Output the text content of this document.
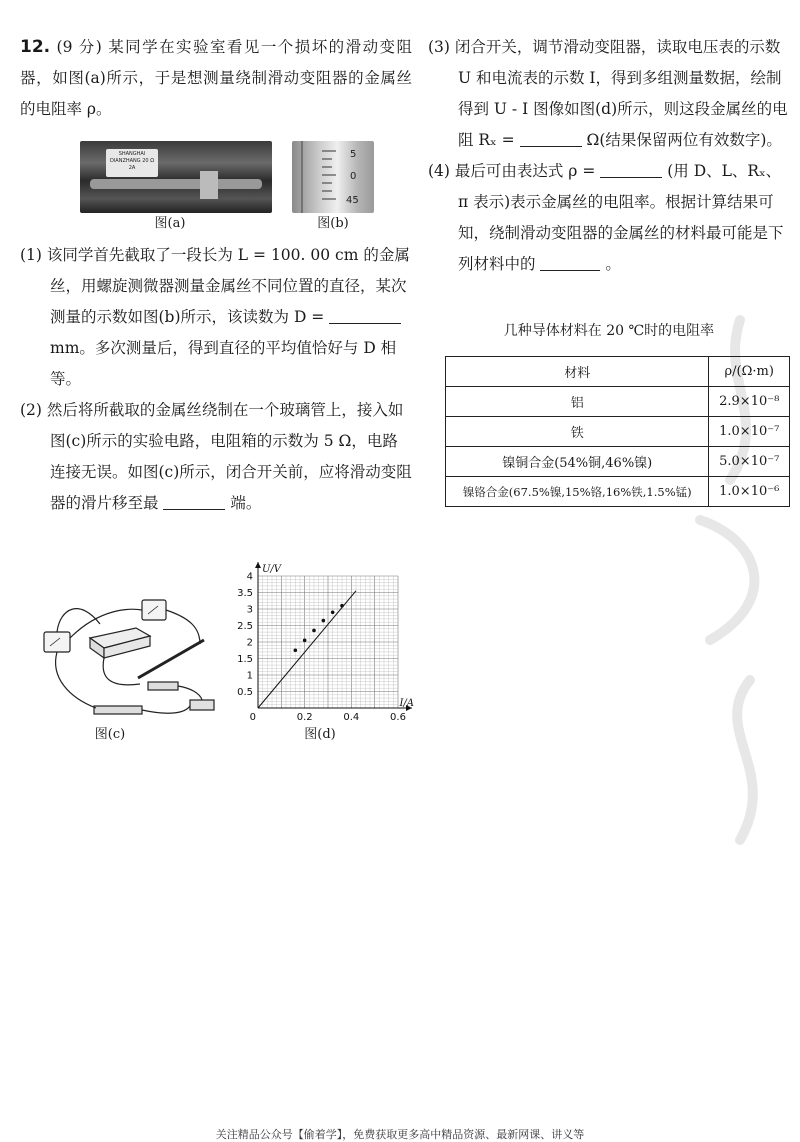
12. (9 分) 某同学在实验室看见一个损坏的滑动变阻器，如图(a)所示，于是想测量绕制滑动变阻器的金属丝的电阻率 ρ。

SHANGHAI DIANZHANG 20 Ω 2A
图(a)
5
0
45
图(b)

(1) 该同学首先截取了一段长为 L = 100. 00 cm 的金属丝，用螺旋测微器测量金属丝不同位置的直径，某次测量的示数如图(b)所示，该读数为 D =  mm。多次测量后，得到直径的平均值恰好与 D 相等。

(2) 然后将所截取的金属丝绕制在一个玻璃管上，接入如图(c)所示的实验电路，电阻箱的示数为 5 Ω，电路连接无误。如图(c)所示，闭合开关前，应将滑动变阻器的滑片移至最	端。

图(c)
0	0.2	0.4	0.6
0.5
1
1.5
2
2.5
3
3.5
4
U/V
I/A
图(d)

(3) 闭合开关，调节滑动变阻器，读取电压表的示数 U 和电流表的示数 I，得到多组测量数据，绘制得到 U - I 图像如图(d)所示，则这段金属丝的电阻 Rₓ =	Ω(结果保留两位有效数字)。

(4) 最后可由表达式 ρ =	(用 D、L、Rₓ、π 表示)表示金属丝的电阻率。根据计算结果可知，绕制滑动变阻器的金属丝的材料最可能是下列材料中的	。

几种导体材料在 20 ℃时的电阻率
材料	ρ/(Ω·m)
铝	2.9×10⁻⁸
铁	1.0×10⁻⁷
镍铜合金(54%铜,46%镍)	5.0×10⁻⁷
镍铬合金(67.5%镍,15%铬,16%铁,1.5%锰)	1.0×10⁻⁶
关注精品公众号【偷着学】，免费获取更多高中精品资源、最新网课、讲义等
